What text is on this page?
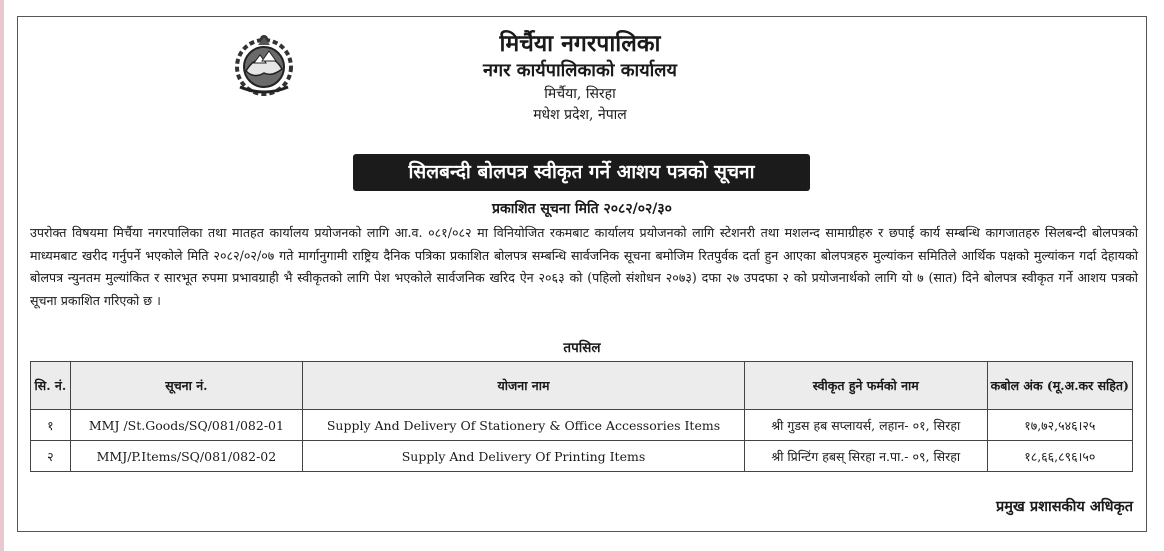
मिर्चैया नगरपालिका
नगर कार्यपालिकाको कार्यालय
मिर्चैया, सिरहा
मधेश प्रदेश, नेपाल
सिलबन्दी बोलपत्र स्वीकृत गर्ने आशय पत्रको सूचना
प्रकाशित सूचना मिति २०८२/०२/३०
उपरोक्त विषयमा मिर्चैया नगरपालिका तथा मातहत कार्यालय प्रयोजनको लागि आ.व. ०८१/०८२ मा विनियोजित रकमबाट कार्यालय प्रयोजनको लागि स्टेशनरी तथा मशलन्द सामाग्रीहरु र छपाई कार्य सम्बन्धि कागजातहरु सिलबन्दी बोलपत्रको माध्यमबाट खरीद गर्नुपर्ने भएकोले मिति २०८२/०२/०७ गते मार्गानुगामी राष्ट्रिय दैनिक पत्रिका प्रकाशित बोलपत्र सम्बन्धि सार्वजनिक सूचना बमोजिम रितपुर्वक दर्ता हुन आएका बोलपत्रहरु मुल्यांकन समितिले आर्थिक पक्षको मुल्यांकन गर्दा देहायको बोलपत्र न्युनतम मुल्यांकित र सारभूत रुपमा प्रभावग्राही भै स्वीकृतको लागि पेश भएकोले सार्वजनिक खरिद ऐन २०६३ को (पहिलो संशोधन २०७३) दफा २७ उपदफा २ को प्रयोजनार्थको लागि यो ७ (सात) दिने बोलपत्र स्वीकृत गर्ने आशय पत्रको सूचना प्रकाशित गरिएको छ ।
तपसिल
सि. नं.	सूचना नं.	योजना नाम	स्वीकृत हुने फर्मको नाम	कबोल अंक (मू.अ.कर सहित)
१	MMJ /St.Goods/SQ/081/082-01	Supply And Delivery Of Stationery & Office Accessories Items	श्री गुडस हब सप्लायर्स, लहान- ०१, सिरहा	१७,७२,५४६।२५
२	MMJ/P.Items/SQ/081/082-02	Supply And Delivery Of Printing Items	श्री प्रिन्टिंग हबस् सिरहा न.पा.- ०९, सिरहा	१८,६६,८९६।५०
प्रमुख प्रशासकीय अधिकृत
